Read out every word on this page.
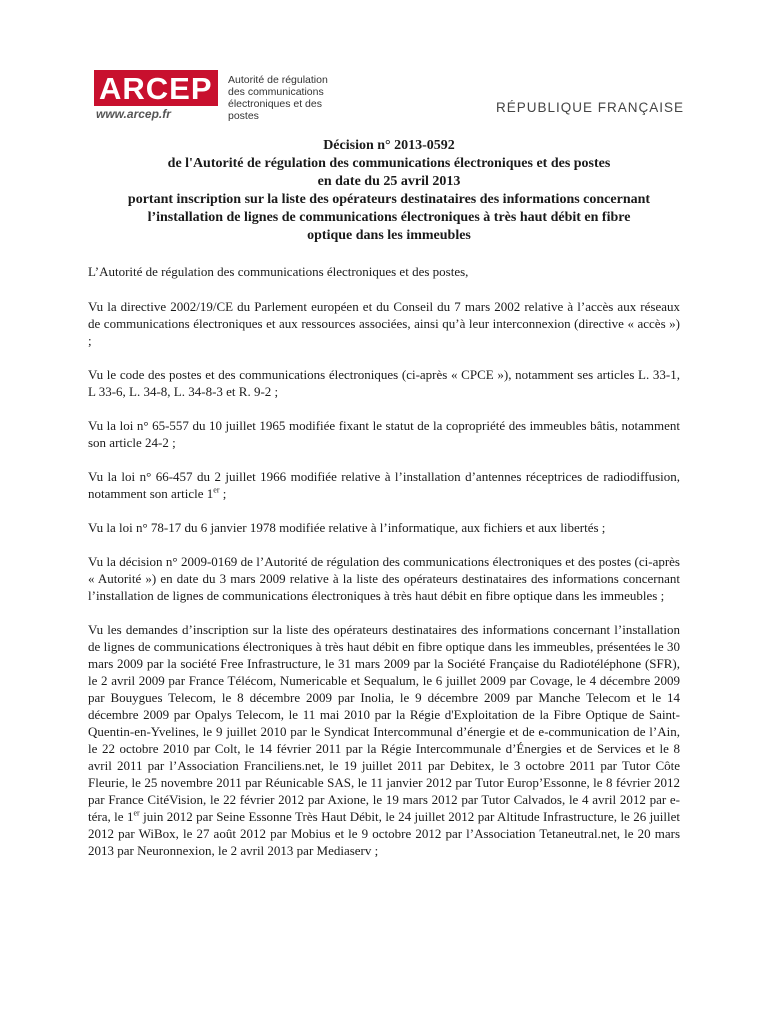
ARCEP
www.arcep.fr
Autorité de régulation
des communications
électroniques et des postes
RÉPUBLIQUE FRANÇAISE
Décision n° 2013-0592
de l'Autorité de régulation des communications électroniques et des postes
en date du 25 avril 2013
portant inscription sur la liste des opérateurs destinataires des informations concernant
l’installation de lignes de communications électroniques à très haut débit en fibre
optique dans les immeubles

L’Autorité de régulation des communications électroniques et des postes,

Vu la directive 2002/19/CE du Parlement européen et du Conseil du 7 mars 2002 relative à l’accès aux réseaux de communications électroniques et aux ressources associées, ainsi qu’à leur interconnexion (directive « accès ») ;

Vu le code des postes et des communications électroniques (ci-après « CPCE »), notamment ses articles L. 33-1, L 33-6, L. 34-8, L. 34-8-3 et R. 9-2 ;

Vu la loi n° 65-557 du 10 juillet 1965 modifiée fixant le statut de la copropriété des immeubles bâtis, notamment son article 24-2 ;

Vu la loi n° 66-457 du 2 juillet 1966 modifiée relative à l’installation d’antennes réceptrices de radiodiffusion, notamment son article 1er ;

Vu la loi n° 78-17 du 6 janvier 1978 modifiée relative à l’informatique, aux fichiers et aux libertés ;

Vu la décision n° 2009-0169 de l’Autorité de régulation des communications électroniques et des postes (ci-après « Autorité ») en date du 3 mars 2009 relative à la liste des opérateurs destinataires des informations concernant l’installation de lignes de communications électroniques à très haut débit en fibre optique dans les immeubles ;

Vu les demandes d’inscription sur la liste des opérateurs destinataires des informations concernant l’installation de lignes de communications électroniques à très haut débit en fibre optique dans les immeubles, présentées le 30 mars 2009 par la société Free Infrastructure, le 31 mars 2009 par la Société Française du Radiotéléphone (SFR), le 2 avril 2009 par France Télécom, Numericable et Sequalum, le 6 juillet 2009 par Covage, le 4 décembre 2009 par Bouygues Telecom, le 8 décembre 2009 par Inolia, le 9 décembre 2009 par Manche Telecom et le 14 décembre 2009 par Opalys Telecom, le 11 mai 2010 par la Régie d'Exploitation de la Fibre Optique de Saint-Quentin-en-Yvelines, le 9 juillet 2010 par le Syndicat Intercommunal d’énergie et de e-communication de l’Ain, le 22 octobre 2010 par Colt, le 14 février 2011 par la Régie Intercommunale d’Énergies et de Services et le 8 avril 2011 par l’Association Franciliens.net, le 19 juillet 2011 par Debitex, le 3 octobre 2011 par Tutor Côte Fleurie, le 25 novembre 2011 par Réunicable SAS, le 11 janvier 2012 par Tutor Europ’Essonne, le 8 février 2012 par France CitéVision, le 22 février 2012 par Axione, le 19 mars 2012 par Tutor Calvados, le 4 avril 2012 par e-téra, le 1er juin 2012 par Seine Essonne Très Haut Débit, le 24 juillet 2012 par Altitude Infrastructure, le 26 juillet 2012 par WiBox, le 27 août 2012 par Mobius et le 9 octobre 2012 par l’Association Tetaneutral.net, le 20 mars 2013 par Neuronnexion, le 2 avril 2013 par Mediaserv ;
